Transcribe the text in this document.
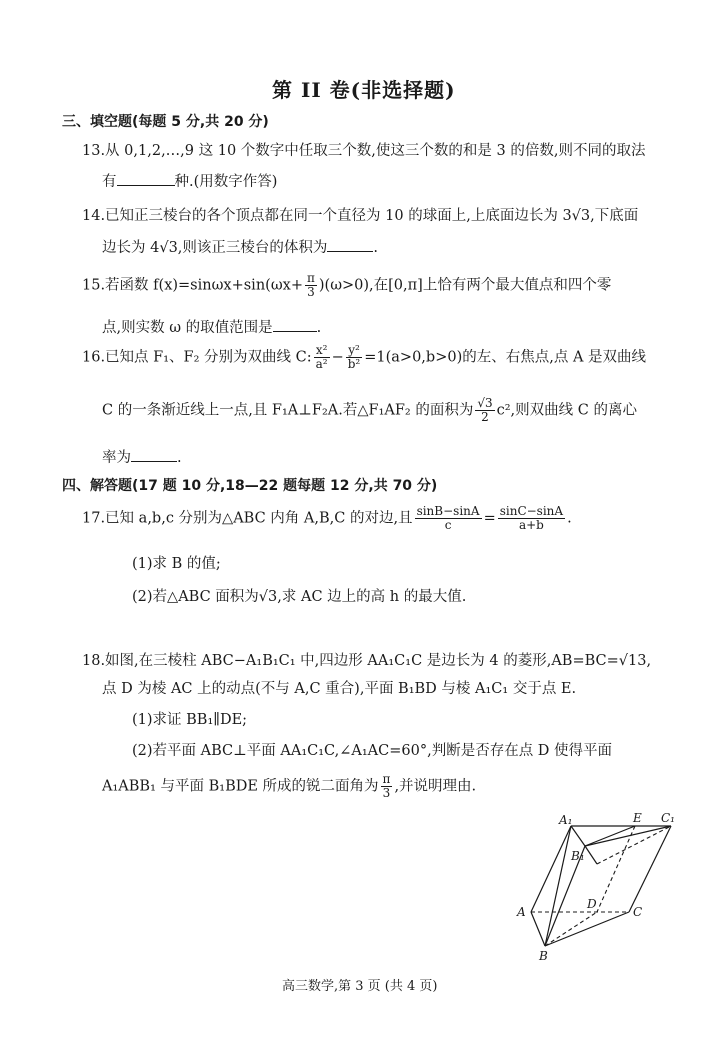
第 II 卷(非选择题)
三、填空题(每题 5 分,共 20 分)
13.从 0,1,2,…,9 这 10 个数字中任取三个数,使这三个数的和是 3 的倍数,则不同的取法
有	种.(用数字作答)
14.已知正三棱台的各个顶点都在同一个直径为 10 的球面上,上底面边长为 3√3,下底面
边长为 4√3,则该正三棱台的体积为	.
15.若函数 $f(x)=\sin\omega x+\sin(\omega x+ \frac{\pi}{3} )(\omega>0)$,在[0,π]上恰有两个最大值点和四个零
点,则实数 ω 的取值范围是	.
16.已知点 F₁、F₂ 分别为双曲线 C: $\frac{\text{x²}}{\text{a²}} - \frac{\text{y²}}{\text{b²}} =1(a>0,b>0)$的左、右焦点,点 A 是双曲线
C 的一条渐近线上一点,且 F₁A⊥F₂A.若△F₁AF₂ 的面积为 $\frac{√3}{2} c^2$,则双曲线 C 的离心
率为	.
四、解答题(17 题 10 分,18—22 题每题 12 分,共 70 分)
17.已知 a,b,c 分别为△ABC 内角 A,B,C 的对边,且 $\frac{\sin B-\sin A}{c} = \frac{\sin C-\sin A}{a+b}$ .
(1)求 B 的值;
(2)若△ABC 面积为√3,求 AC 边上的高 h 的最大值.
18.如图,在三棱柱 ABC−A₁B₁C₁ 中,四边形 AA₁C₁C 是边长为 4 的菱形,AB=BC=√13,
点 D 为棱 AC 上的动点(不与 A,C 重合),平面 B₁BD 与棱 A₁C₁ 交于点 E.
(1)求证 BB₁∥DE;
(2)若平面 ABC⊥平面 AA₁C₁C,∠A₁AC=60°,判断是否存在点 D 使得平面
A₁ABB₁ 与平面 B₁BDE 所成的锐二面角为 $\frac{\pi}{3}$ ,并说明理由.
A₁
B₁
C₁
E
A
B
C
D
高三数学,第 3 页 (共 4 页)
